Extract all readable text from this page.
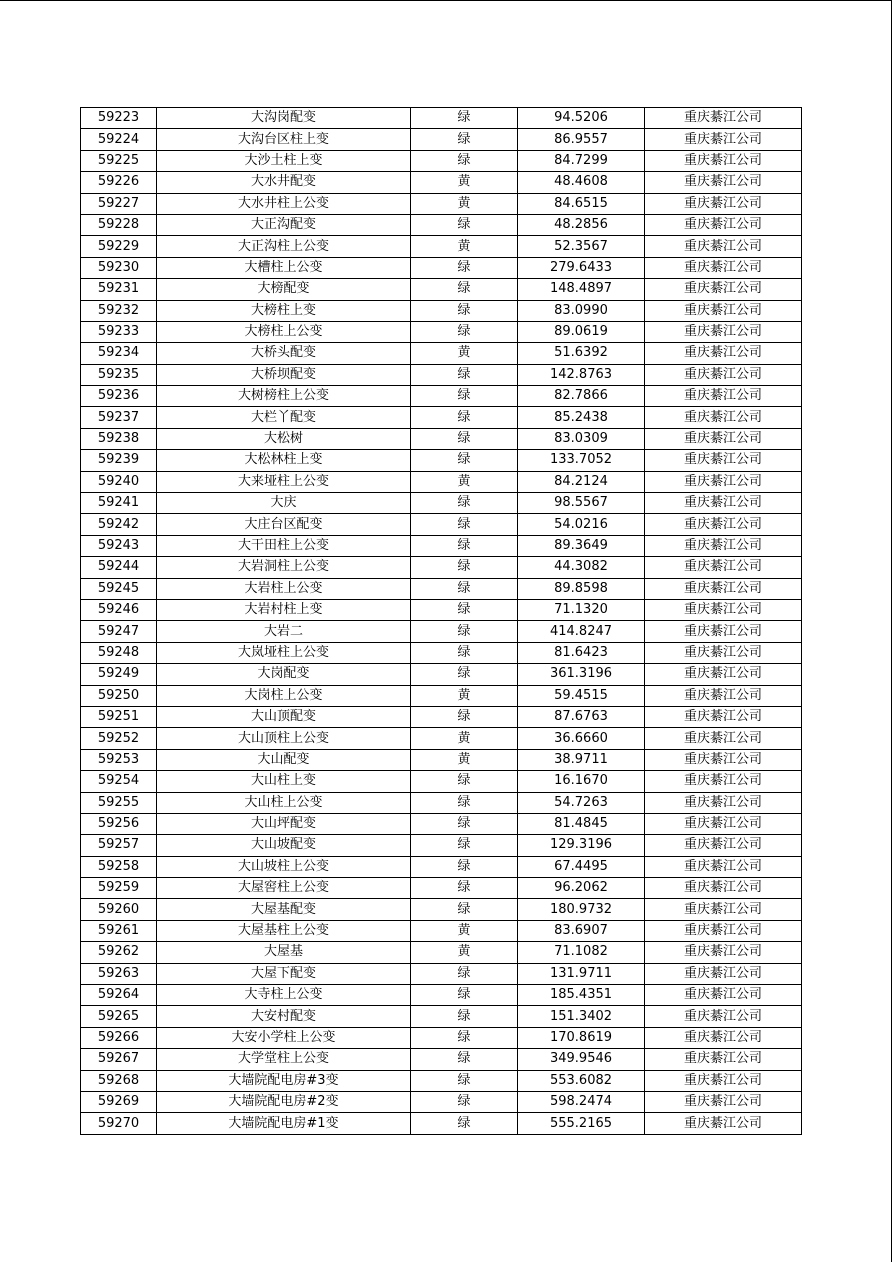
59223	大沟岗配变	绿	94.5206	重庆綦江公司
59224	大沟台区柱上变	绿	86.9557	重庆綦江公司
59225	大沙土柱上变	绿	84.7299	重庆綦江公司
59226	大水井配变	黄	48.4608	重庆綦江公司
59227	大水井柱上公变	黄	84.6515	重庆綦江公司
59228	大正沟配变	绿	48.2856	重庆綦江公司
59229	大正沟柱上公变	黄	52.3567	重庆綦江公司
59230	大槽柱上公变	绿	279.6433	重庆綦江公司
59231	大榜配变	绿	148.4897	重庆綦江公司
59232	大榜柱上变	绿	83.0990	重庆綦江公司
59233	大榜柱上公变	绿	89.0619	重庆綦江公司
59234	大桥头配变	黄	51.6392	重庆綦江公司
59235	大桥坝配变	绿	142.8763	重庆綦江公司
59236	大树榜柱上公变	绿	82.7866	重庆綦江公司
59237	大栏丫配变	绿	85.2438	重庆綦江公司
59238	大松树	绿	83.0309	重庆綦江公司
59239	大松林柱上变	绿	133.7052	重庆綦江公司
59240	大来垭柱上公变	黄	84.2124	重庆綦江公司
59241	大庆	绿	98.5567	重庆綦江公司
59242	大庄台区配变	绿	54.0216	重庆綦江公司
59243	大干田柱上公变	绿	89.3649	重庆綦江公司
59244	大岩洞柱上公变	绿	44.3082	重庆綦江公司
59245	大岩柱上公变	绿	89.8598	重庆綦江公司
59246	大岩村柱上变	绿	71.1320	重庆綦江公司
59247	大岩二	绿	414.8247	重庆綦江公司
59248	大岚垭柱上公变	绿	81.6423	重庆綦江公司
59249	大岗配变	绿	361.3196	重庆綦江公司
59250	大岗柱上公变	黄	59.4515	重庆綦江公司
59251	大山顶配变	绿	87.6763	重庆綦江公司
59252	大山顶柱上公变	黄	36.6660	重庆綦江公司
59253	大山配变	黄	38.9711	重庆綦江公司
59254	大山柱上变	绿	16.1670	重庆綦江公司
59255	大山柱上公变	绿	54.7263	重庆綦江公司
59256	大山坪配变	绿	81.4845	重庆綦江公司
59257	大山坡配变	绿	129.3196	重庆綦江公司
59258	大山坡柱上公变	绿	67.4495	重庆綦江公司
59259	大屋窖柱上公变	绿	96.2062	重庆綦江公司
59260	大屋基配变	绿	180.9732	重庆綦江公司
59261	大屋基柱上公变	黄	83.6907	重庆綦江公司
59262	大屋基	黄	71.1082	重庆綦江公司
59263	大屋下配变	绿	131.9711	重庆綦江公司
59264	大寺柱上公变	绿	185.4351	重庆綦江公司
59265	大安村配变	绿	151.3402	重庆綦江公司
59266	大安小学柱上公变	绿	170.8619	重庆綦江公司
59267	大学堂柱上公变	绿	349.9546	重庆綦江公司
59268	大墙院配电房#3变	绿	553.6082	重庆綦江公司
59269	大墙院配电房#2变	绿	598.2474	重庆綦江公司
59270	大墙院配电房#1变	绿	555.2165	重庆綦江公司
